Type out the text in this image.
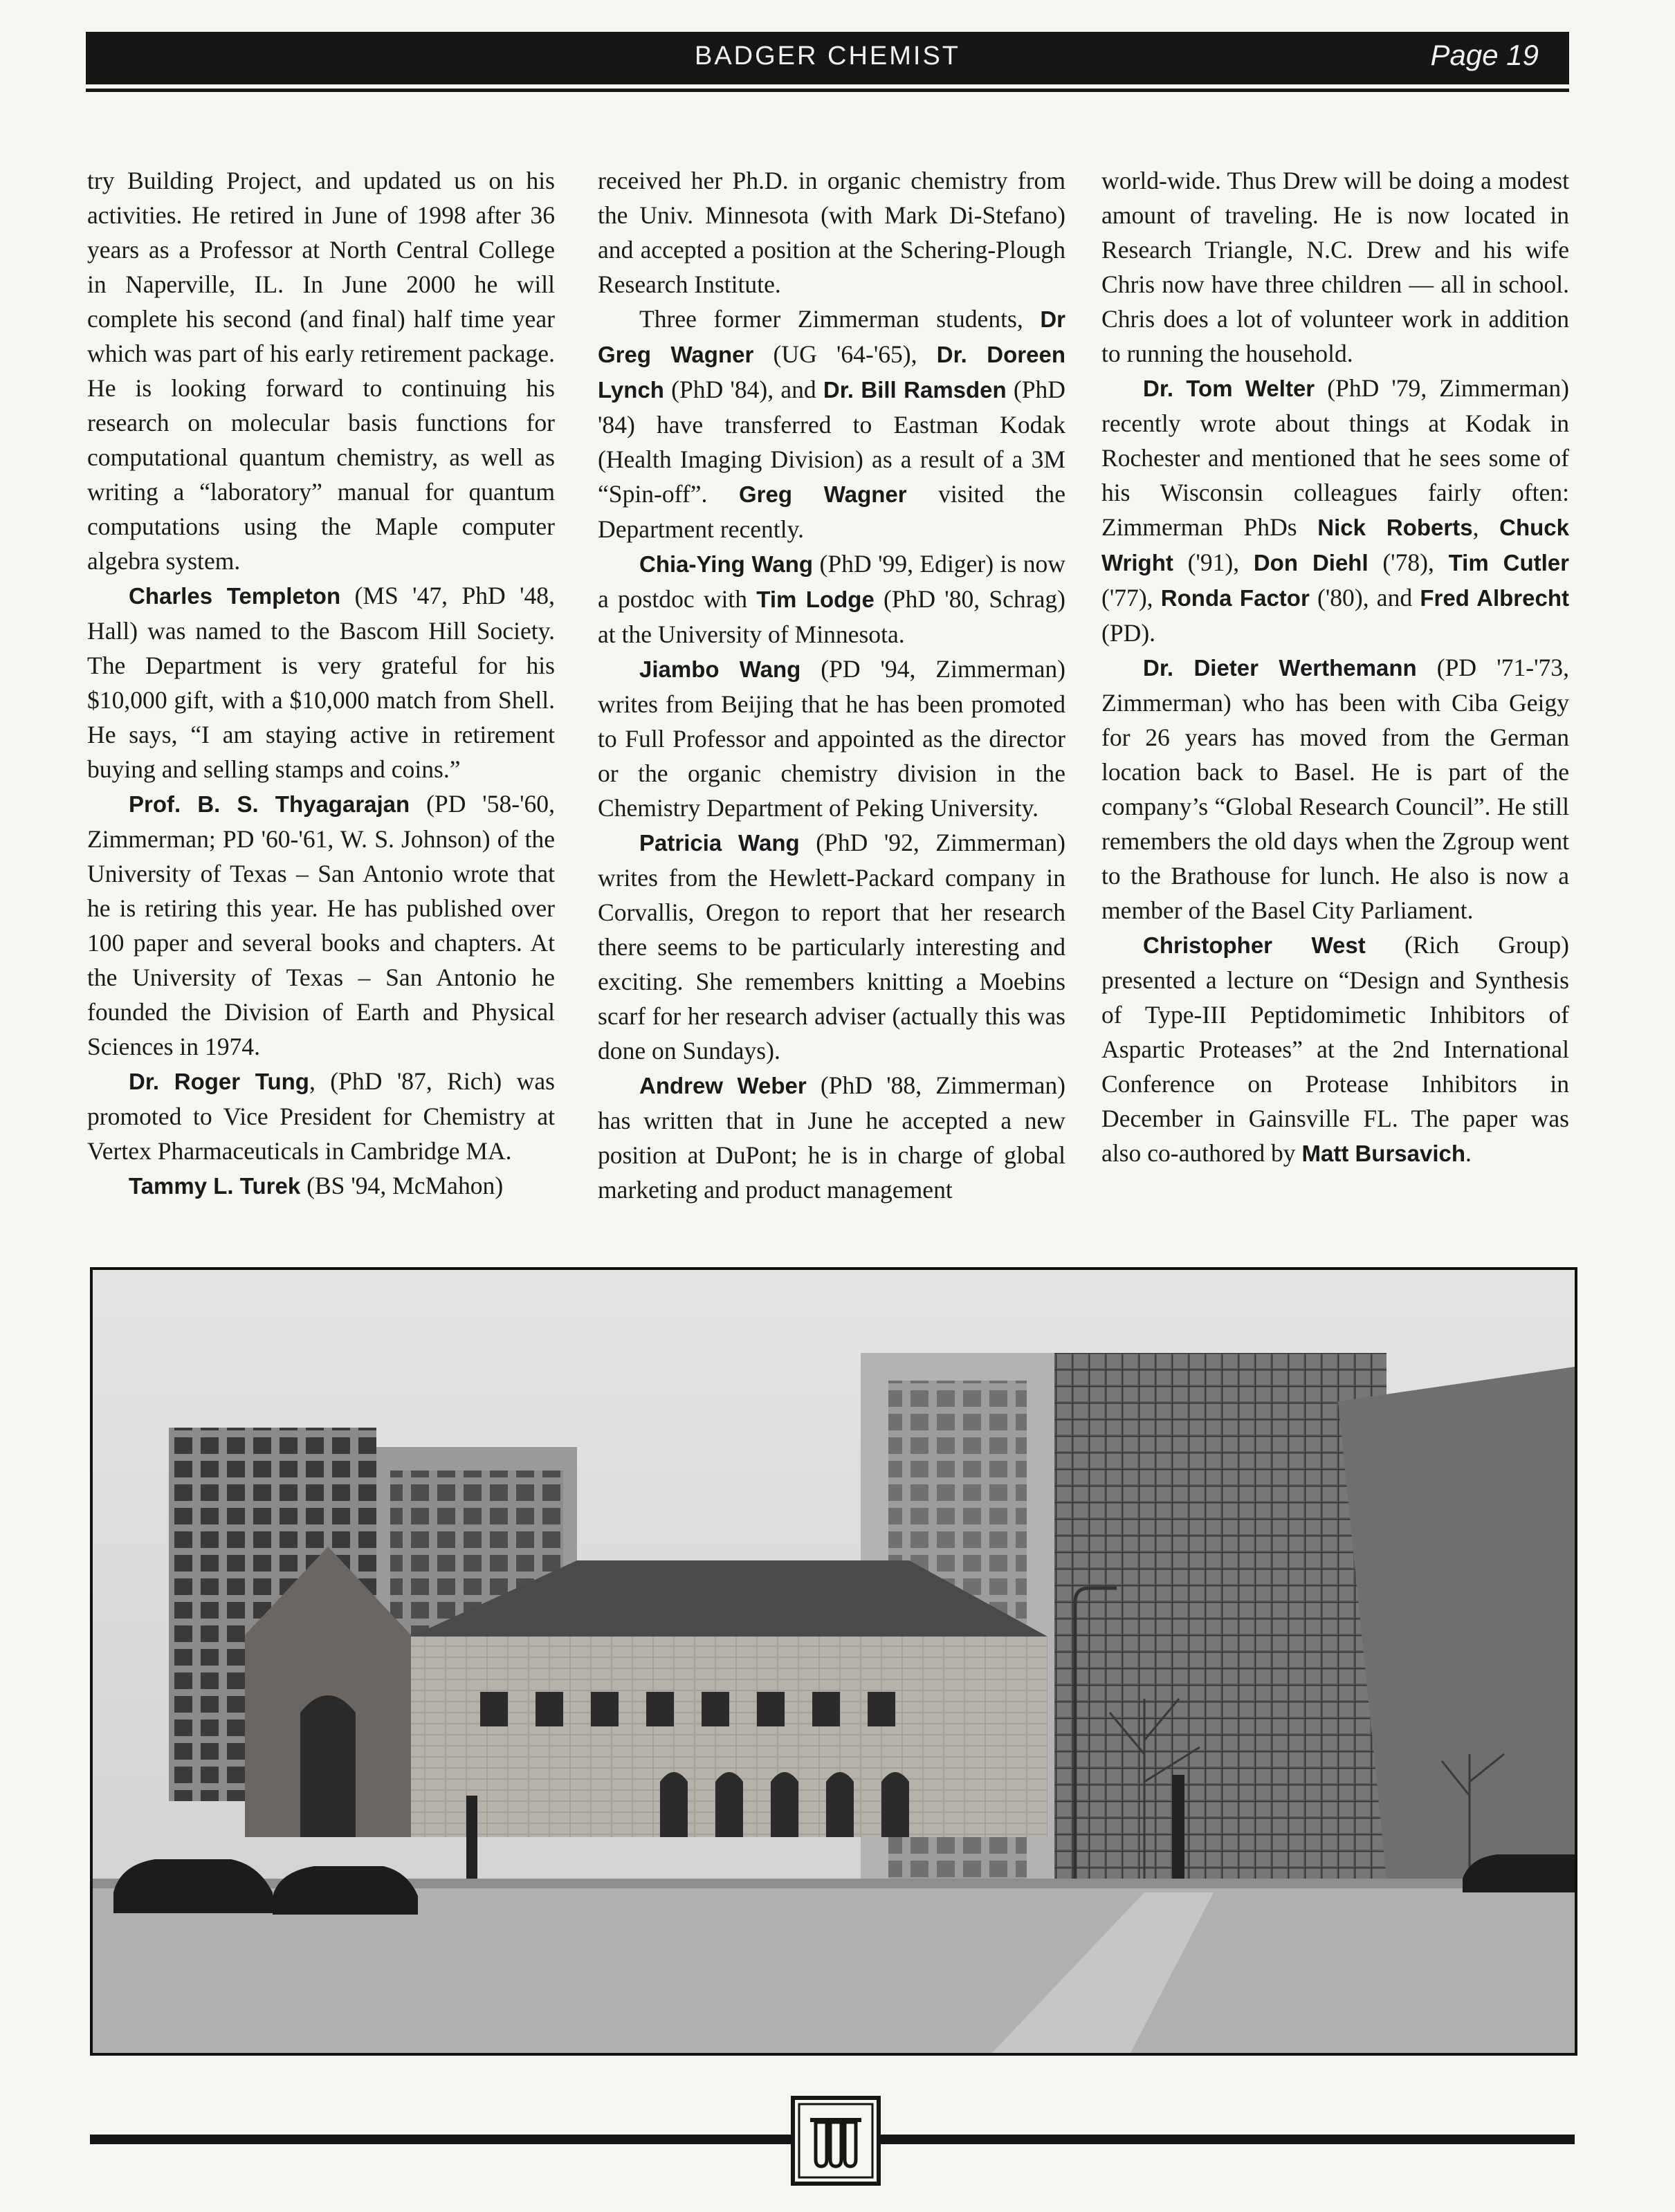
BADGER CHEMIST	Page 19

try Building Project, and updated us on his activities. He retired in June of 1998 after 36 years as a Professor at North Central College in Naperville, IL. In June 2000 he will complete his second (and final) half time year which was part of his early retirement package. He is looking forward to continuing his research on molecular basis functions for computational quantum chemistry, as well as writing a “laboratory” manual for quantum computations using the Maple computer algebra system.

Charles Templeton (MS '47, PhD '48, Hall) was named to the Bascom Hill Society. The Department is very grateful for his $10,000 gift, with a $10,000 match from Shell. He says, “I am staying active in retirement buying and selling stamps and coins.”

Prof. B. S. Thyagarajan (PD '58-'60, Zimmerman; PD '60-'61, W. S. Johnson) of the University of Texas – San Antonio wrote that he is retiring this year. He has published over 100 paper and several books and chapters. At the University of Texas – San Antonio he founded the Division of Earth and Physical Sciences in 1974.

Dr. Roger Tung, (PhD '87, Rich) was promoted to Vice President for Chemistry at Vertex Pharmaceuticals in Cambridge MA.

Tammy L. Turek (BS '94, McMahon)

received her Ph.D. in organic chemistry from the Univ. Minnesota (with Mark Di-Stefano) and accepted a position at the Schering-Plough Research Institute.

Three former Zimmerman students, Dr Greg Wagner (UG '64-'65), Dr. Doreen Lynch (PhD '84), and Dr. Bill Ramsden (PhD '84) have transferred to Eastman Kodak (Health Imaging Division) as a result of a 3M “Spin-off”. Greg Wagner visited the Department recently.

Chia-Ying Wang (PhD '99, Ediger) is now a postdoc with Tim Lodge (PhD '80, Schrag) at the University of Minnesota.

Jiambo Wang (PD '94, Zimmerman) writes from Beijing that he has been promoted to Full Professor and appointed as the director or the organic chemistry division in the Chemistry Department of Peking University.

Patricia Wang (PhD '92, Zimmerman) writes from the Hewlett-Packard company in Corvallis, Oregon to report that her research there seems to be particularly interesting and exciting. She remembers knitting a Moebins scarf for her research adviser (actually this was done on Sundays).

Andrew Weber (PhD '88, Zimmerman) has written that in June he accepted a new position at DuPont; he is in charge of global marketing and product management

world-wide. Thus Drew will be doing a modest amount of traveling. He is now located in Research Triangle, N.C. Drew and his wife Chris now have three children — all in school. Chris does a lot of volunteer work in addition to running the household.

Dr. Tom Welter (PhD '79, Zimmerman) recently wrote about things at Kodak in Rochester and mentioned that he sees some of his Wisconsin colleagues fairly often: Zimmerman PhDs Nick Roberts, Chuck Wright ('91), Don Diehl ('78), Tim Cutler ('77), Ronda Factor ('80), and Fred Albrecht (PD).

Dr. Dieter Werthemann (PD '71-'73, Zimmerman) who has been with Ciba Geigy for 26 years has moved from the German location back to Basel. He is part of the company’s “Global Research Council”. He still remembers the old days when the Zgroup went to the Brathouse for lunch. He also is now a member of the Basel City Parliament.

Christopher West (Rich Group) presented a lecture on “Design and Synthesis of Type-III Peptidomimetic Inhibitors of Aspartic Proteases” at the 2nd International Conference on Protease Inhibitors in December in Gainsville FL. The paper was also co-authored by Matt Bursavich.
